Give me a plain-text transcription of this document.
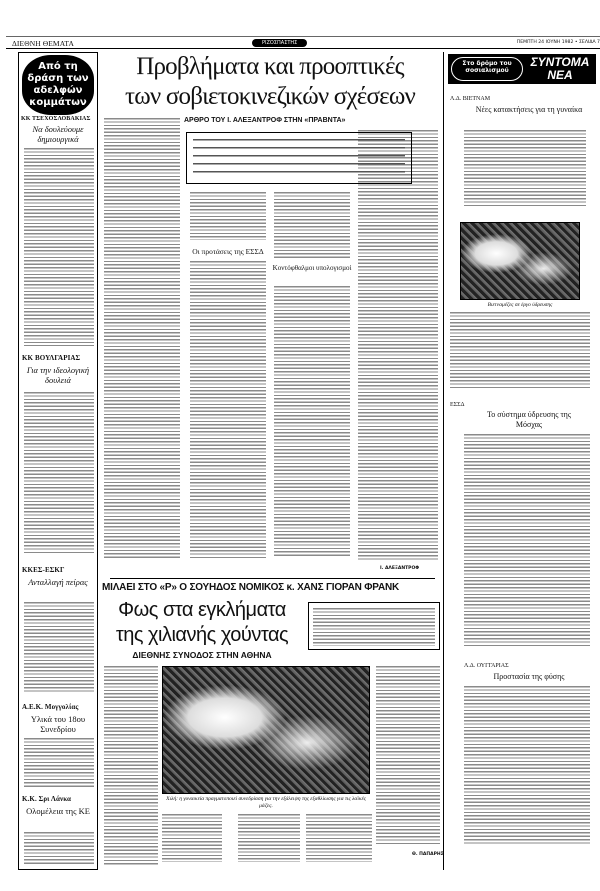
ΔΙΕΘΝΗ ΘΕΜΑΤΑ	ΡΙΖΟΣΠΑΣΤΗΣ	ΠΕΜΠΤΗ 24 ΙΟΥΝΗ 1982 • ΣΕΛΙΔΑ 7
Από τη δράση των αδελφών κομμάτων
ΚΚ ΤΣΕΧΟΣΛΟΒΑΚΙΑΣ
Να δουλεύουμε δημιουργικά
ΚΚ ΒΟΥΛΓΑΡΙΑΣ
Για την ιδεολογική δουλειά
ΚΚΕΣ-ΕΣΚΓ
Ανταλλαγή πείρας
Α.Ε.Κ. Μογγολίας
Υλικά του 18ου Συνεδρίου
Κ.Κ. Σρι Λάνκα
Ολομέλεια της ΚΕ
Προβλήματα και προοπτικές
των σοβιετοκινεζικών σχέσεων
ΑΡΘΡΟ ΤΟΥ Ι. ΑΛΕΞΑΝΤΡΟΦ ΣΤΗΝ «ΠΡΑΒΝΤΑ»
Οι προτάσεις της ΕΣΣΔ
Κοντόφθαλμοι υπολογισμοί
Ι. ΑΛΕΞΑΝΤΡΟΦ
ΜΙΛΑΕΙ ΣΤΟ «Ρ» Ο ΣΟΥΗΔΟΣ ΝΟΜΙΚΟΣ κ. ΧΑΝΣ ΓΙΟΡΑΝ ΦΡΑΝΚ
Φως στα εγκλήματα
της χιλιανής χούντας
ΔΙΕΘΝΗΣ ΣΥΝΟΔΟΣ ΣΤΗΝ ΑΘΗΝΑ
Χιλή: η γυναικεία πραγματοποιεί συνεδρίαση για την εξάλειψη της εξαθλίωσης για τις λαϊκές μάζες.
Θ. ΠΑΠΑΡΗΣ
Στο δρόμο του σοσιαλισμού
ΣΥΝΤΟΜΑ ΝΕΑ
Λ.Δ. ΒΙΕΤΝΑΜ
Νέες κατακτήσεις για τη γυναίκα
Βιετναμέζες σε έργο ύδρευσης
ΕΣΣΔ
Το σύστημα ύδρευσης της Μόσχας
Λ.Δ. ΟΥΓΓΑΡΙΑΣ
Προστασία της φύσης
